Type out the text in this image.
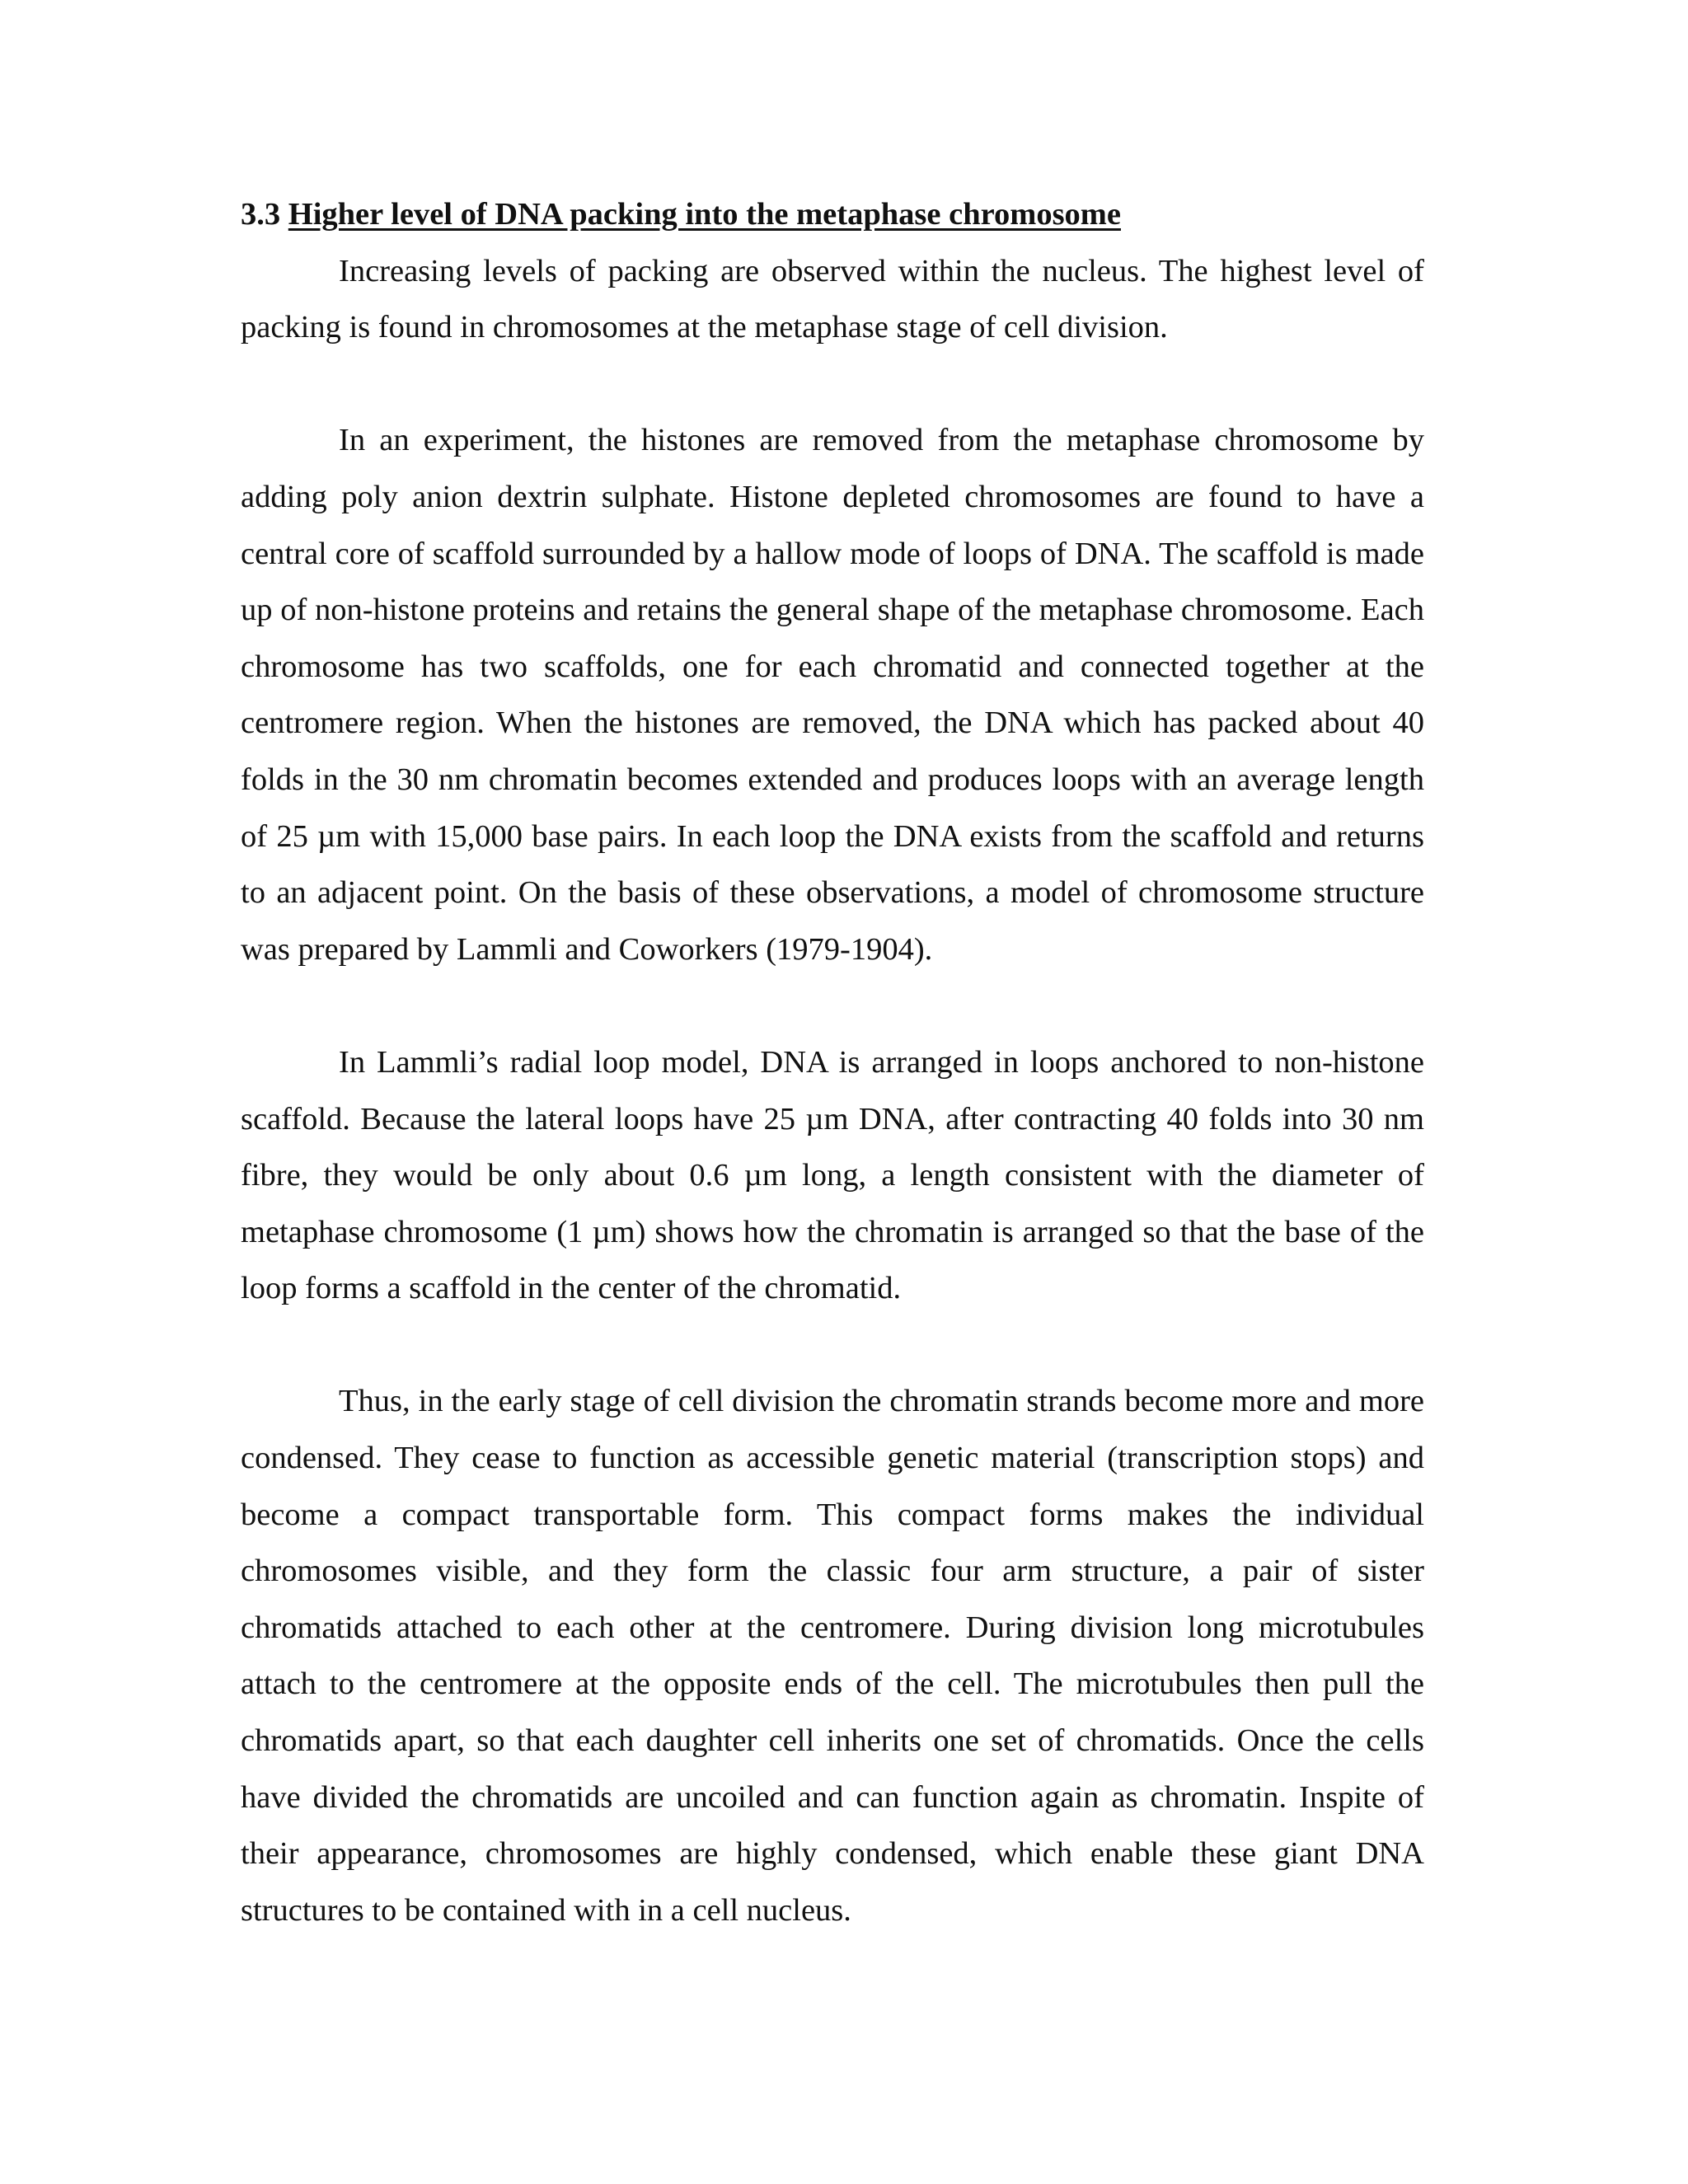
3.3 Higher level of DNA packing into the metaphase chromosome

Increasing levels of packing are observed within the nucleus. The highest level of packing is found in chromosomes at the metaphase stage of cell division.

In an experiment, the histones are removed from the metaphase chromosome by adding poly anion dextrin sulphate. Histone depleted chromosomes are found to have a central core of scaffold surrounded by a hallow mode of loops of DNA. The scaffold is made up of non-histone proteins and retains the general shape of the metaphase chromosome. Each chromosome has two scaffolds, one for each chromatid and connected together at the centromere region. When the histones are removed, the DNA which has packed about 40 folds in the 30 nm chromatin becomes extended and produces loops with an average length of 25 µm with 15,000 base pairs. In each loop the DNA exists from the scaffold and returns to an adjacent point. On the basis of these observations, a model of chromosome structure was prepared by Lammli and Coworkers (1979-1904).

In Lammli’s radial loop model, DNA is arranged in loops anchored to non-histone scaffold. Because the lateral loops have 25 µm DNA, after contracting 40 folds into 30 nm fibre, they would be only about 0.6 µm long, a length consistent with the diameter of metaphase chromosome (1 µm) shows how the chromatin is arranged so that the base of the loop forms a scaffold in the center of the chromatid.

Thus, in the early stage of cell division the chromatin strands become more and more condensed. They cease to function as accessible genetic material (transcription stops) and become a compact transportable form. This compact forms makes the individual chromosomes visible, and they form the classic four arm structure, a pair of sister chromatids attached to each other at the centromere. During division long microtubules attach to the centromere at the opposite ends of the cell. The microtubules then pull the chromatids apart, so that each daughter cell inherits one set of chromatids. Once the cells have divided the chromatids are uncoiled and can function again as chromatin. Inspite of their appearance, chromosomes are highly condensed, which enable these giant DNA structures to be contained with in a cell nucleus.
